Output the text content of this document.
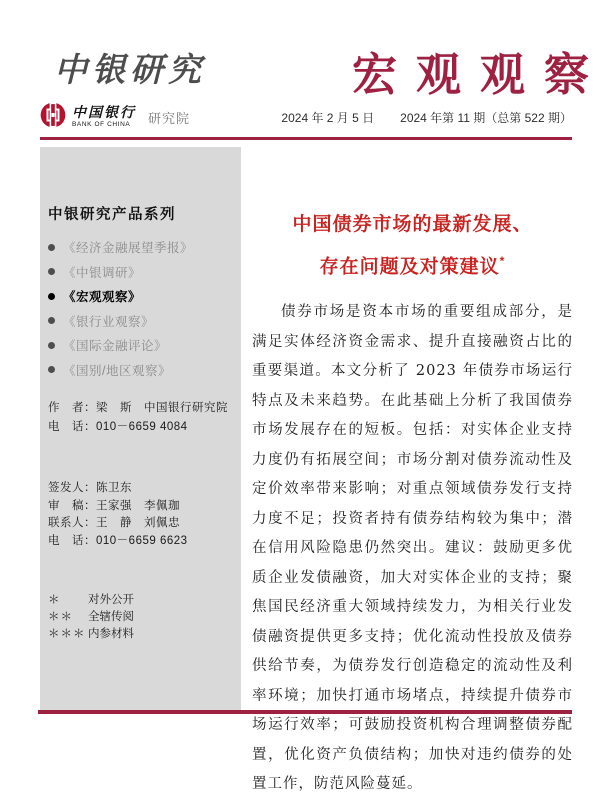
中银研究	宏观观察
中国银行
BANK OF CHINA	研究院	2024 年 2 月 5 日 2024 年第 11 期（总第 522 期）
中银研究产品系列
《经济金融展望季报》
《中银调研》
《宏观观察》
《银行业观察》
《国际金融评论》
《国别/地区观察》
作　者：梁　斯　中国银行研究院
电　话：010－6659 4084
签发人：陈卫东
审　稿：王家强　李佩珈
联系人：王　静　刘佩忠
电　话：010－6659 6623
＊	对外公开
＊＊	全辖传阅
＊＊＊ 内参材料
中国债券市场的最新发展、
存在问题及对策建议*

债券市场是资本市场的重要组成部分，是满足实体经济资金需求、提升直接融资占比的重要渠道。本文分析了 2023 年债券市场运行特点及未来趋势。在此基础上分析了我国债券市场发展存在的短板。包括：对实体企业支持力度仍有拓展空间；市场分割对债券流动性及定价效率带来影响；对重点领域债券发行支持力度不足；投资者持有债券结构较为集中；潜在信用风险隐患仍然突出。建议：鼓励更多优质企业发债融资，加大对实体企业的支持；聚焦国民经济重大领域持续发力，为相关行业发债融资提供更多支持；优化流动性投放及债券供给节奏，为债券发行创造稳定的流动性及利率环境；加快打通市场堵点，持续提升债券市场运行效率；可鼓励投资机构合理调整债券配置，优化资产负债结构；加快对违约债券的处置工作，防范风险蔓延。
